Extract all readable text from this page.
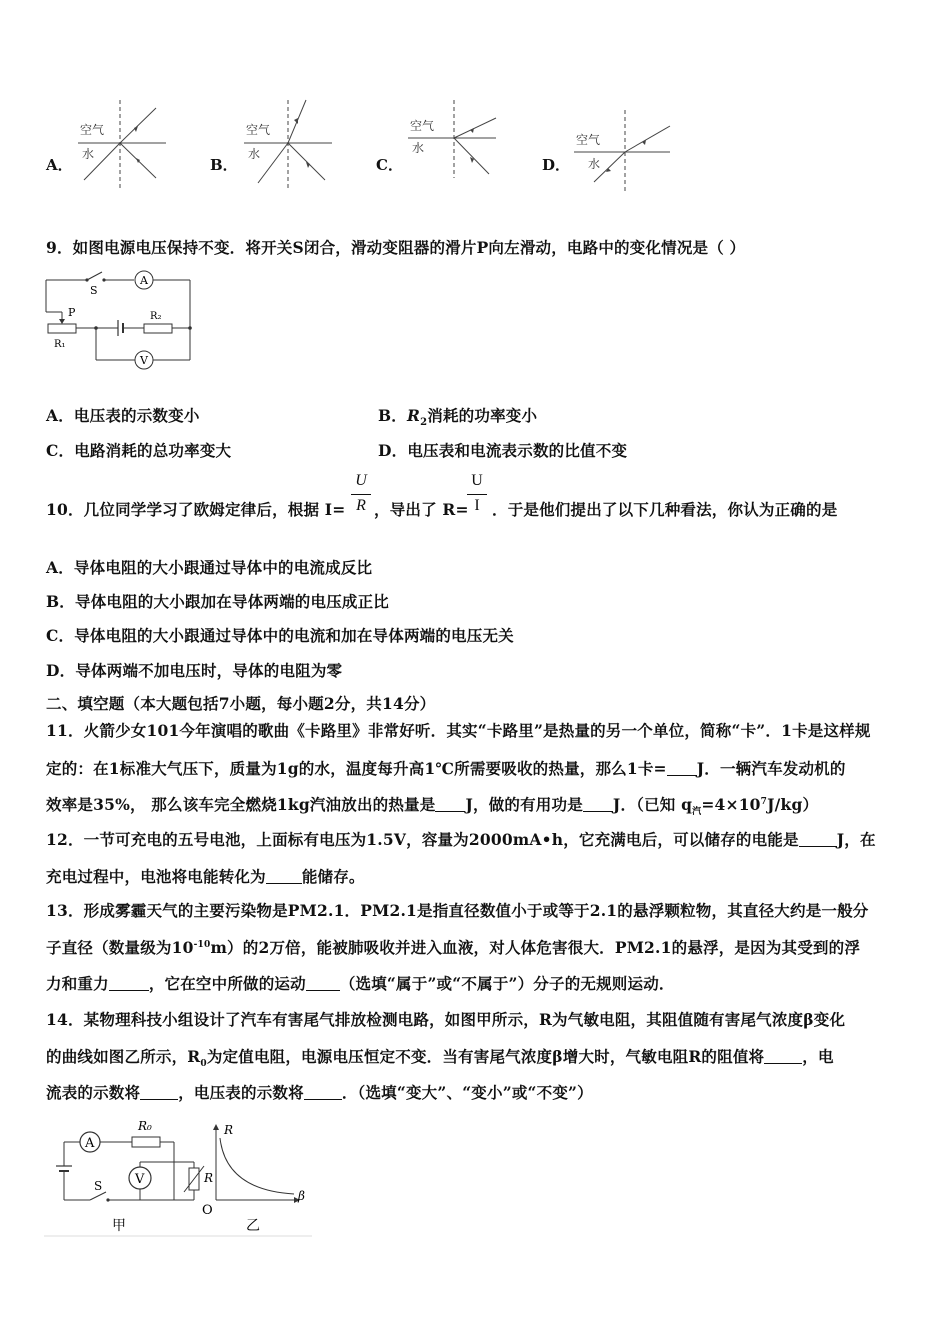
A．	B．	C．	D．
空气
水
空气
水
空气
水
空气
水
9．如图电源电压保持不变．将开关S闭合，滑动变阻器的滑片P向左滑动，电路中的变化情况是（ ）
A
S
P
R₁
R₂
V
A．电压表的示数变小	B．$R_2$消耗的功率变小
C．电路消耗的总功率变大	D．电压表和电流表示数的比值不变
10．几位同学学习了欧姆定律后，根据 I=
U
R ，导出了 R=
U
I ．于是他们提出了以下几种看法，你认为正确的是
A．导体电阻的大小跟通过导体中的电流成反比
B．导体电阻的大小跟加在导体两端的电压成正比
C．导体电阻的大小跟通过导体中的电流和加在导体两端的电压无关
D．导体两端不加电压时，导体的电阻为零
二、填空题（本大题包括7小题，每小题2分，共14分）
11．火箭少女101今年演唱的歌曲《卡路里》非常好听．其实“卡路里”是热量的另一个单位，简称“卡”．1卡是这样规
定的：在1标准大气压下，质量为1g的水，温度每升高1℃所需要吸收的热量，那么1卡= J．一辆汽车发动机的
效率是35%， 那么该车完全燃烧1kg汽油放出的热量是 J，做的有用功是 J．（已知 $q_汽=4\times 10^7J/kg$）
12．一节可充电的五号电池，上面标有电压为1.5V，容量为2000mA•h，它充满电后，可以储存的电能是 J，在
充电过程中，电池将电能转化为 能储存。
13．形成雾霾天气的主要污染物是PM2.1．PM2.1是指直径数值小于或等于2.1的悬浮颗粒物，其直径大约是一般分
子直径（数量级为$10^{-10}m$）的2万倍，能被肺吸收并进入血液，对人体危害很大．PM2.1的悬浮，是因为其受到的浮
力和重力	，它在空中所做的运动 （选填“属于”或“不属于”）分子的无规则运动．
14．某物理科技小组设计了汽车有害尾气排放检测电路，如图甲所示，R为气敏电阻，其阻值随有害尾气浓度β变化
的曲线如图乙所示，$R_0$为定值电阻，电源电压恒定不变．当有害尾气浓度β增大时，气敏电阻R的阻值将 ，电
流表的示数将 ，电压表的示数将 ．（选填“变大”、“变小”或“不变”）
A
R₀
S	V	R
甲
R
β
O
乙
